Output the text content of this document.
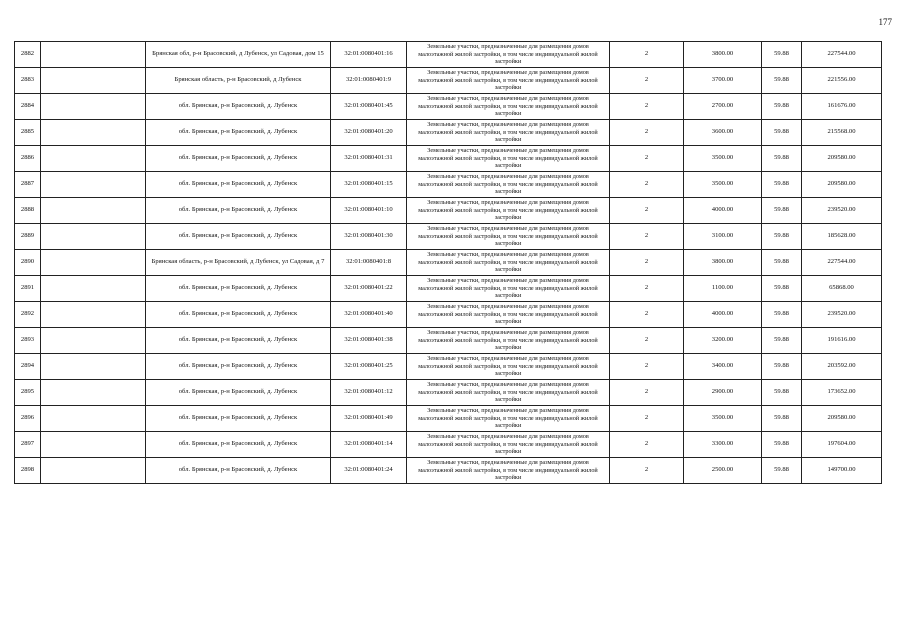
177
2882		Брянская обл, р-н Брасовский, д Лубенск, ул Садовая, дом 15	32:01:0080401:16	Земельные участки, предназначенные для размещения домов малоэтажной жилой застройки, в том числе индивидуальной жилой застройки	2	3800.00	59.88	227544.00
2883		Брянская область, р-н Брасовский, д Лубенск	32:01:0080401:9	Земельные участки, предназначенные для размещения домов малоэтажной жилой застройки, в том числе индивидуальной жилой застройки	2	3700.00	59.88	221556.00
2884		обл. Брянская, р-н Брасовский, д. Лубенск	32:01:0080401:45	Земельные участки, предназначенные для размещения домов малоэтажной жилой застройки, в том числе индивидуальной жилой застройки	2	2700.00	59.88	161676.00
2885		обл. Брянская, р-н Брасовский, д. Лубенск	32:01:0080401:20	Земельные участки, предназначенные для размещения домов малоэтажной жилой застройки, в том числе индивидуальной жилой застройки	2	3600.00	59.88	215568.00
2886		обл. Брянская, р-н Брасовский, д. Лубенск	32:01:0080401:31	Земельные участки, предназначенные для размещения домов малоэтажной жилой застройки, в том числе индивидуальной жилой застройки	2	3500.00	59.88	209580.00
2887		обл. Брянская, р-н Брасовский, д. Лубенск	32:01:0080401:15	Земельные участки, предназначенные для размещения домов малоэтажной жилой застройки, в том числе индивидуальной жилой застройки	2	3500.00	59.88	209580.00
2888		обл. Брянская, р-н Брасовский, д. Лубенск	32:01:0080401:10	Земельные участки, предназначенные для размещения домов малоэтажной жилой застройки, в том числе индивидуальной жилой застройки	2	4000.00	59.88	239520.00
2889		обл. Брянская, р-н Брасовский, д. Лубенск	32:01:0080401:30	Земельные участки, предназначенные для размещения домов малоэтажной жилой застройки, в том числе индивидуальной жилой застройки	2	3100.00	59.88	185628.00
2890		Брянская область, р-н Брасовский, д Лубенск, ул Садовая, д 7	32:01:0080401:8	Земельные участки, предназначенные для размещения домов малоэтажной жилой застройки, в том числе индивидуальной жилой застройки	2	3800.00	59.88	227544.00
2891		обл. Брянская, р-н Брасовский, д. Лубенск	32:01:0080401:22	Земельные участки, предназначенные для размещения домов малоэтажной жилой застройки, в том числе индивидуальной жилой застройки	2	1100.00	59.88	65868.00
2892		обл. Брянская, р-н Брасовский, д. Лубенск	32:01:0080401:40	Земельные участки, предназначенные для размещения домов малоэтажной жилой застройки, в том числе индивидуальной жилой застройки	2	4000.00	59.88	239520.00
2893		обл. Брянская, р-н Брасовский, д. Лубенск	32:01:0080401:38	Земельные участки, предназначенные для размещения домов малоэтажной жилой застройки, в том числе индивидуальной жилой застройки	2	3200.00	59.88	191616.00
2894		обл. Брянская, р-н Брасовский, д. Лубенск	32:01:0080401:25	Земельные участки, предназначенные для размещения домов малоэтажной жилой застройки, в том числе индивидуальной жилой застройки	2	3400.00	59.88	203592.00
2895		обл. Брянская, р-н Брасовский, д. Лубенск	32:01:0080401:12	Земельные участки, предназначенные для размещения домов малоэтажной жилой застройки, в том числе индивидуальной жилой застройки	2	2900.00	59.88	173652.00
2896		обл. Брянская, р-н Брасовский, д. Лубенск	32:01:0080401:49	Земельные участки, предназначенные для размещения домов малоэтажной жилой застройки, в том числе индивидуальной жилой застройки	2	3500.00	59.88	209580.00
2897		обл. Брянская, р-н Брасовский, д. Лубенск	32:01:0080401:14	Земельные участки, предназначенные для размещения домов малоэтажной жилой застройки, в том числе индивидуальной жилой застройки	2	3300.00	59.88	197604.00
2898		обл. Брянская, р-н Брасовский, д. Лубенск	32:01:0080401:24	Земельные участки, предназначенные для размещения домов малоэтажной жилой застройки, в том числе индивидуальной жилой застройки	2	2500.00	59.88	149700.00
